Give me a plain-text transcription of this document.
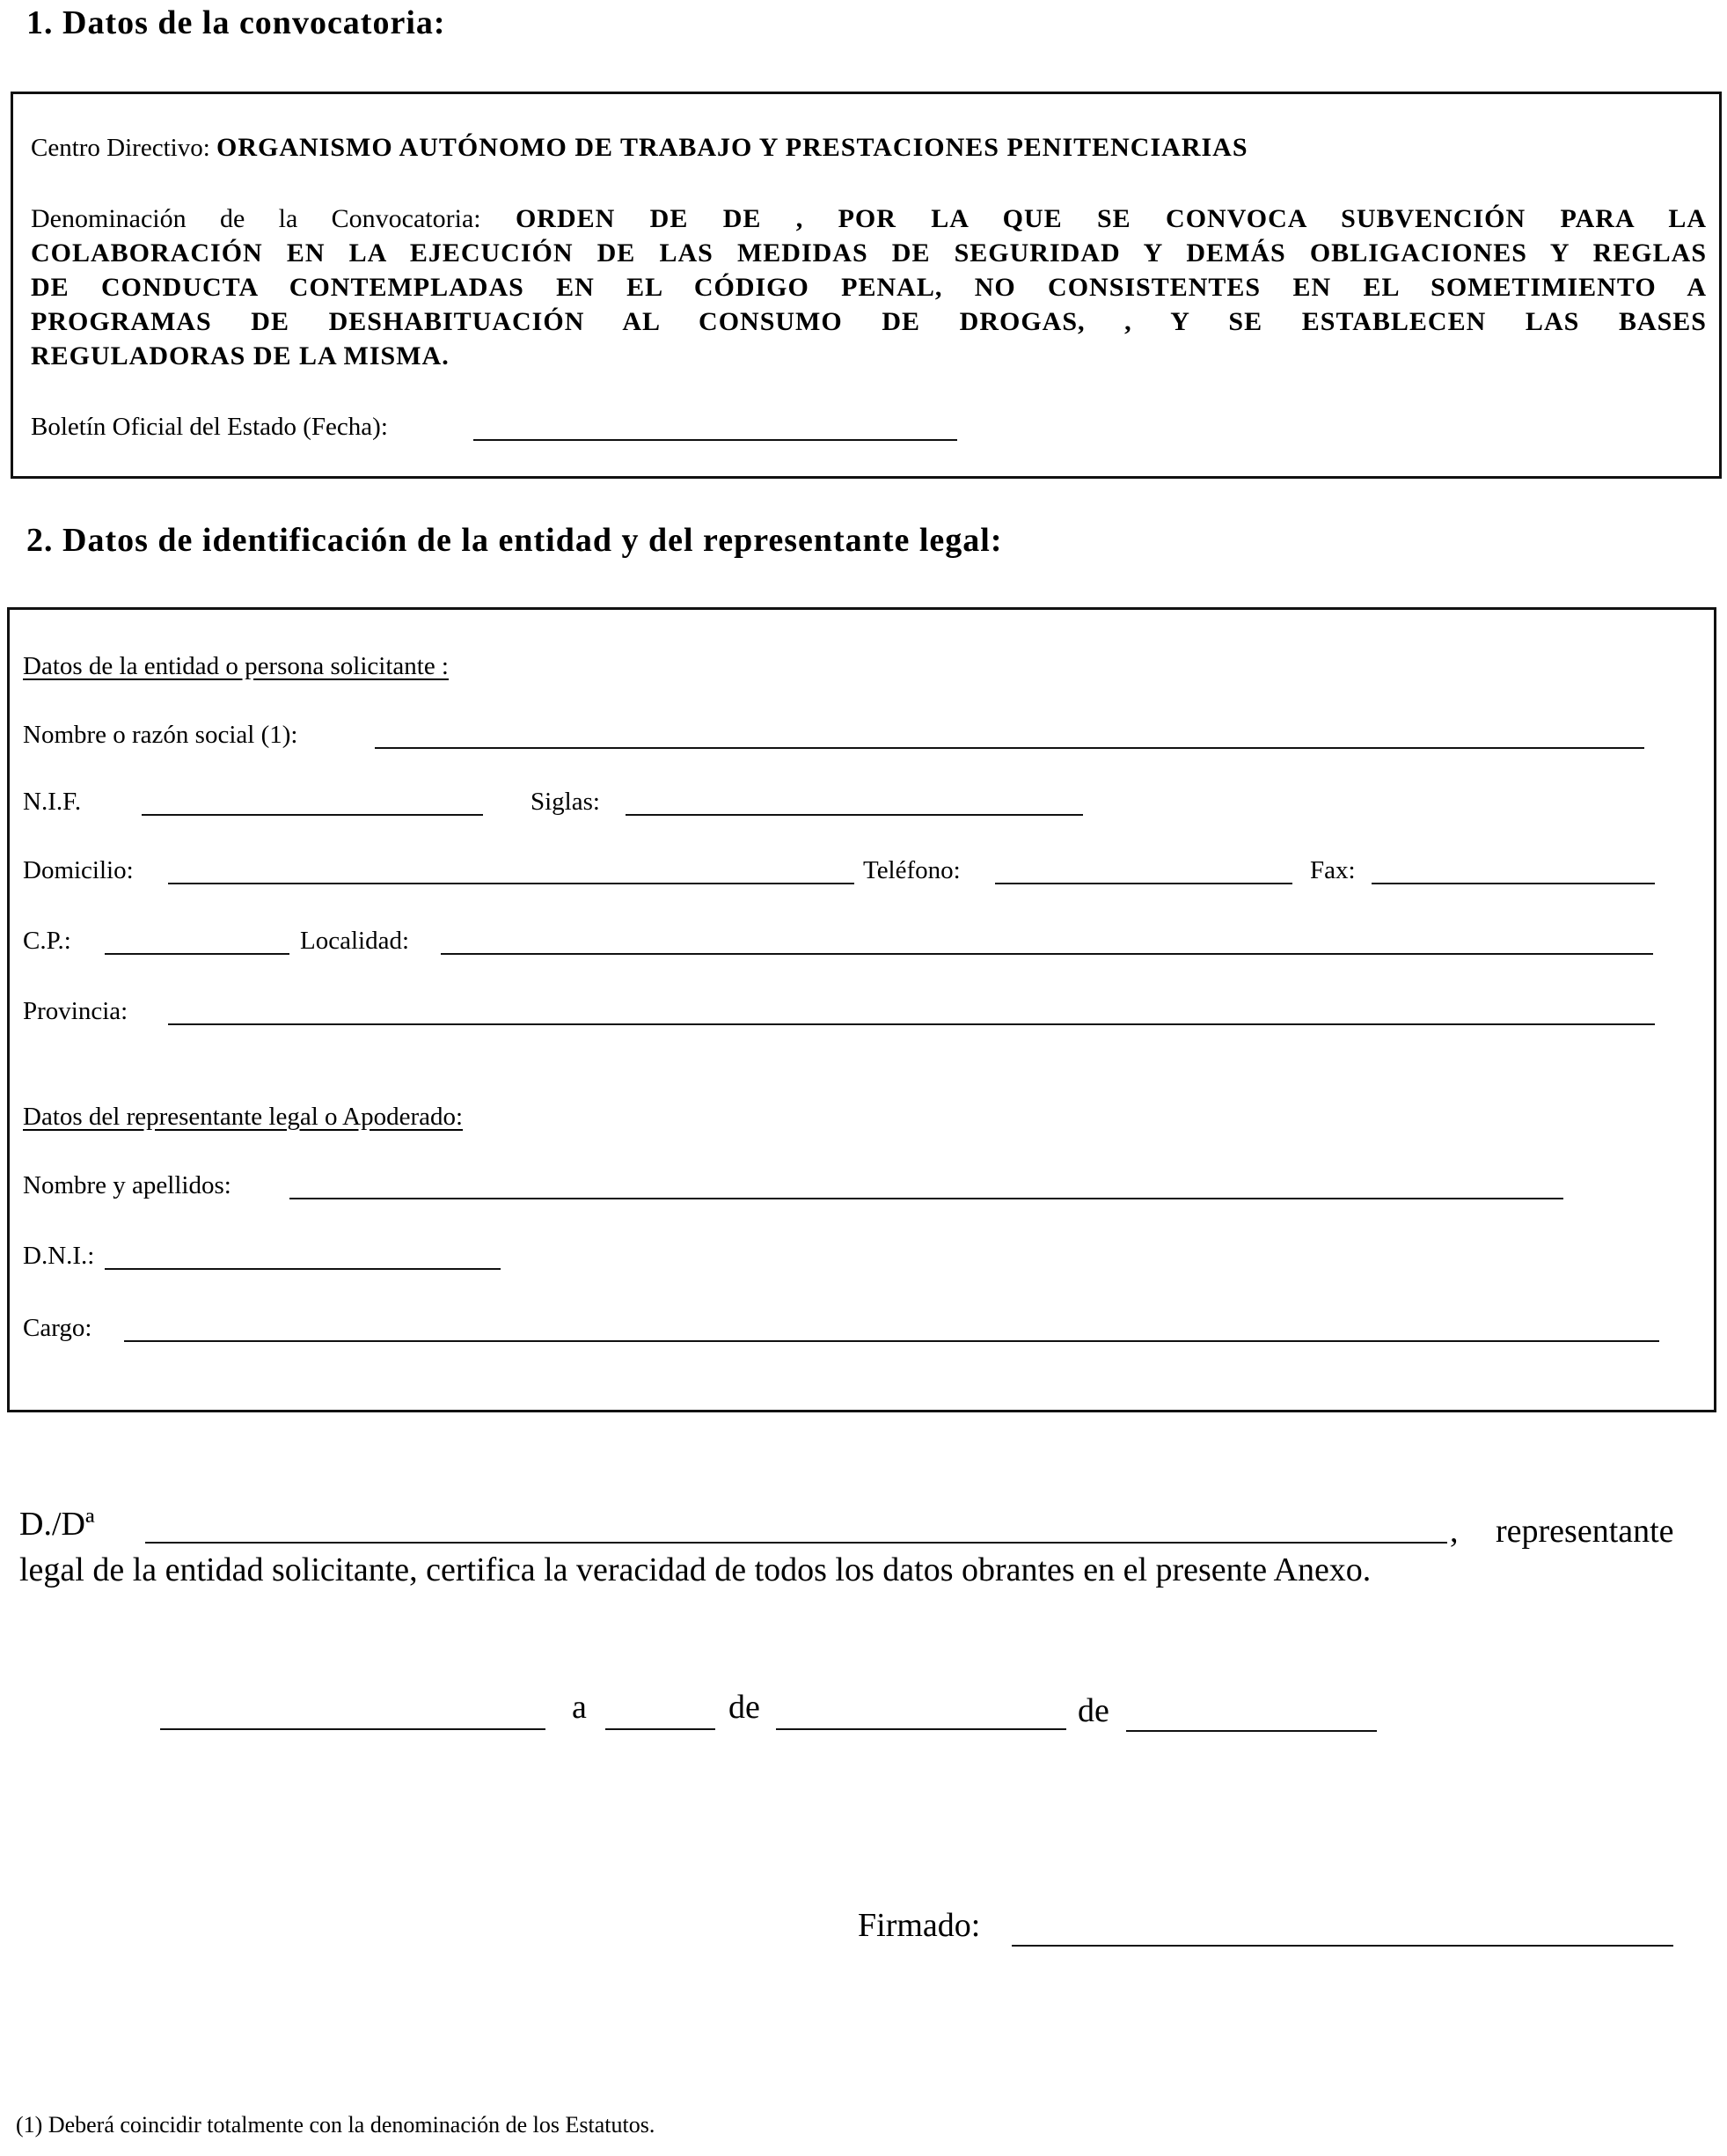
1. Datos de la convocatoria:
Centro Directivo: ORGANISMO AUTÓNOMO DE TRABAJO Y PRESTACIONES PENITENCIARIAS
Denominación de la Convocatoria: ORDEN DE DE , POR LA QUE SE CONVOCA SUBVENCIÓN PARA LA
COLABORACIÓN EN LA EJECUCIÓN DE LAS MEDIDAS DE SEGURIDAD Y DEMÁS OBLIGACIONES Y REGLAS
DE CONDUCTA CONTEMPLADAS EN EL CÓDIGO PENAL, NO CONSISTENTES EN EL SOMETIMIENTO A
PROGRAMAS DE DESHABITUACIÓN AL CONSUMO DE DROGAS, , Y SE ESTABLECEN LAS BASES
REGULADORAS DE LA MISMA.
Boletín Oficial del Estado (Fecha):
2. Datos de identificación de la entidad y del representante legal:
Datos de la entidad o persona solicitante :
Nombre o razón social (1):
N.I.F.	Siglas:
Domicilio:	Teléfono:	Fax:
C.P.:	Localidad:
Provincia:
Datos del representante legal o Apoderado:
Nombre y apellidos:
D.N.I.:
Cargo:
D./Dª	, representante
legal de la entidad solicitante, certifica la veracidad de todos los datos obrantes en el presente Anexo.
a	de	de
Firmado:
(1) Deberá coincidir totalmente con la denominación de los Estatutos.
